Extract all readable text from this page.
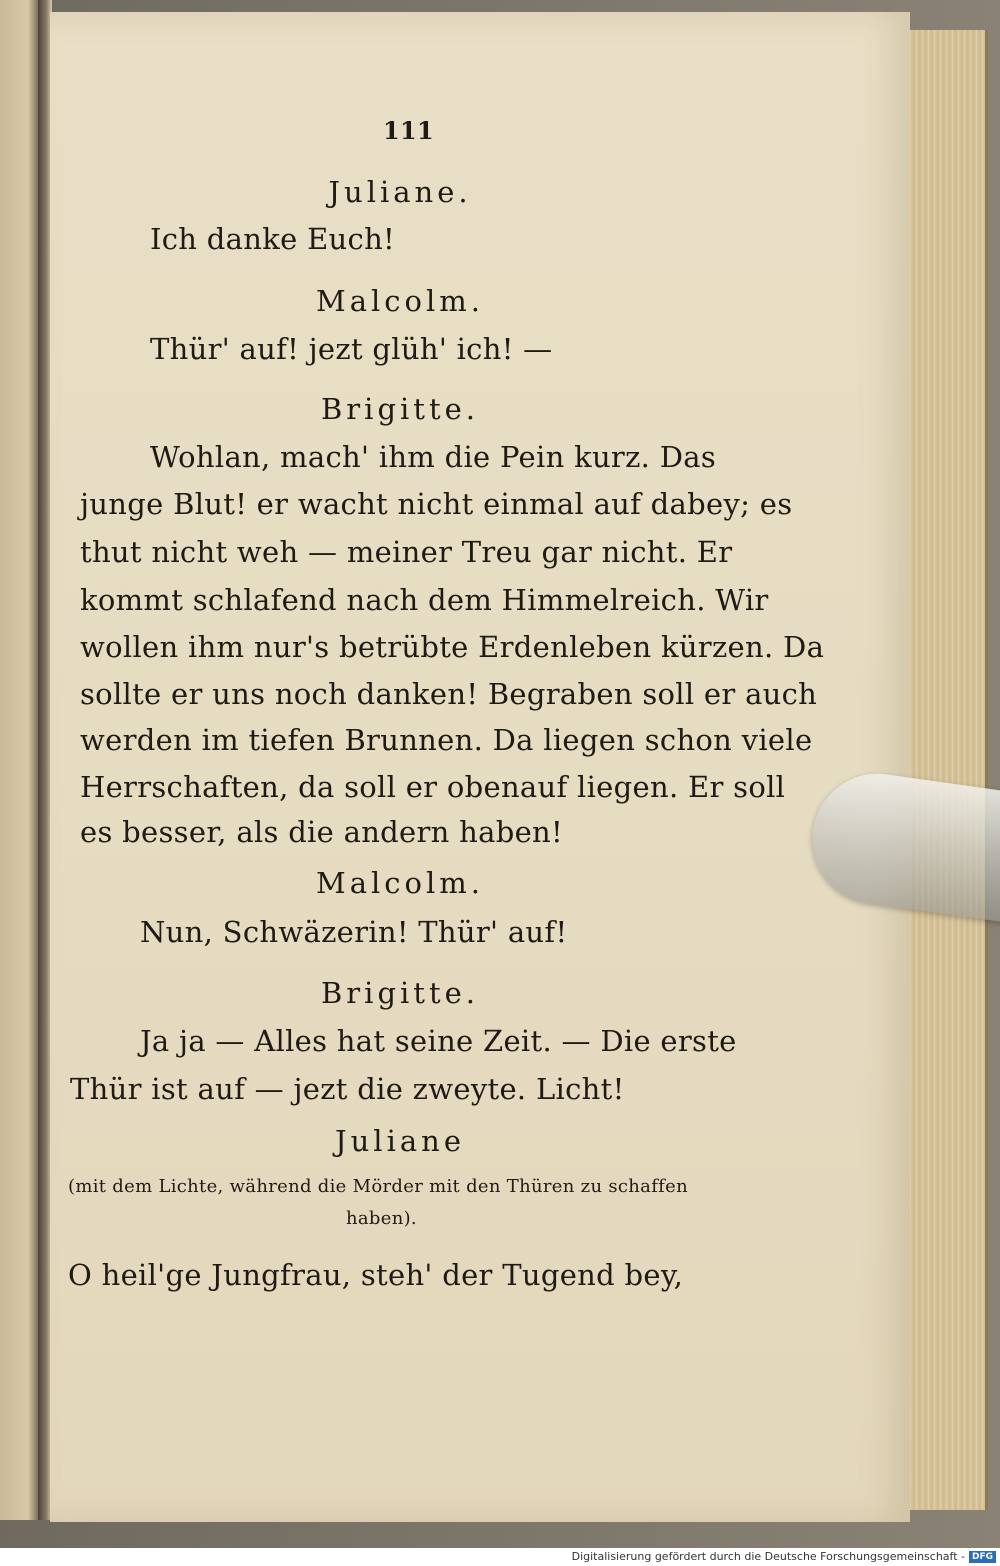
111
Juliane.
Ich danke Euch!
Malcolm.
Thür' auf! jezt glüh' ich! —
Brigitte.
Wohlan, mach' ihm die Pein kurz. Das
junge Blut! er wacht nicht einmal auf dabey; es
thut nicht weh — meiner Treu gar nicht. Er
kommt schlafend nach dem Himmelreich. Wir
wollen ihm nur's betrübte Erdenleben kürzen. Da
sollte er uns noch danken! Begraben soll er auch
werden im tiefen Brunnen. Da liegen schon viele
Herrschaften, da soll er obenauf liegen. Er soll
es besser, als die andern haben!
Malcolm.
Nun, Schwäzerin! Thür' auf!
Brigitte.
Ja ja — Alles hat seine Zeit. — Die erste
Thür ist auf — jezt die zweyte. Licht!
Juliane
(mit dem Lichte, während die Mörder mit den Thüren zu schaffen
haben).
O heil'ge Jungfrau, steh' der Tugend bey,
Digitalisierung gefördert durch die Deutsche Forschungsgemeinschaft - DFG
